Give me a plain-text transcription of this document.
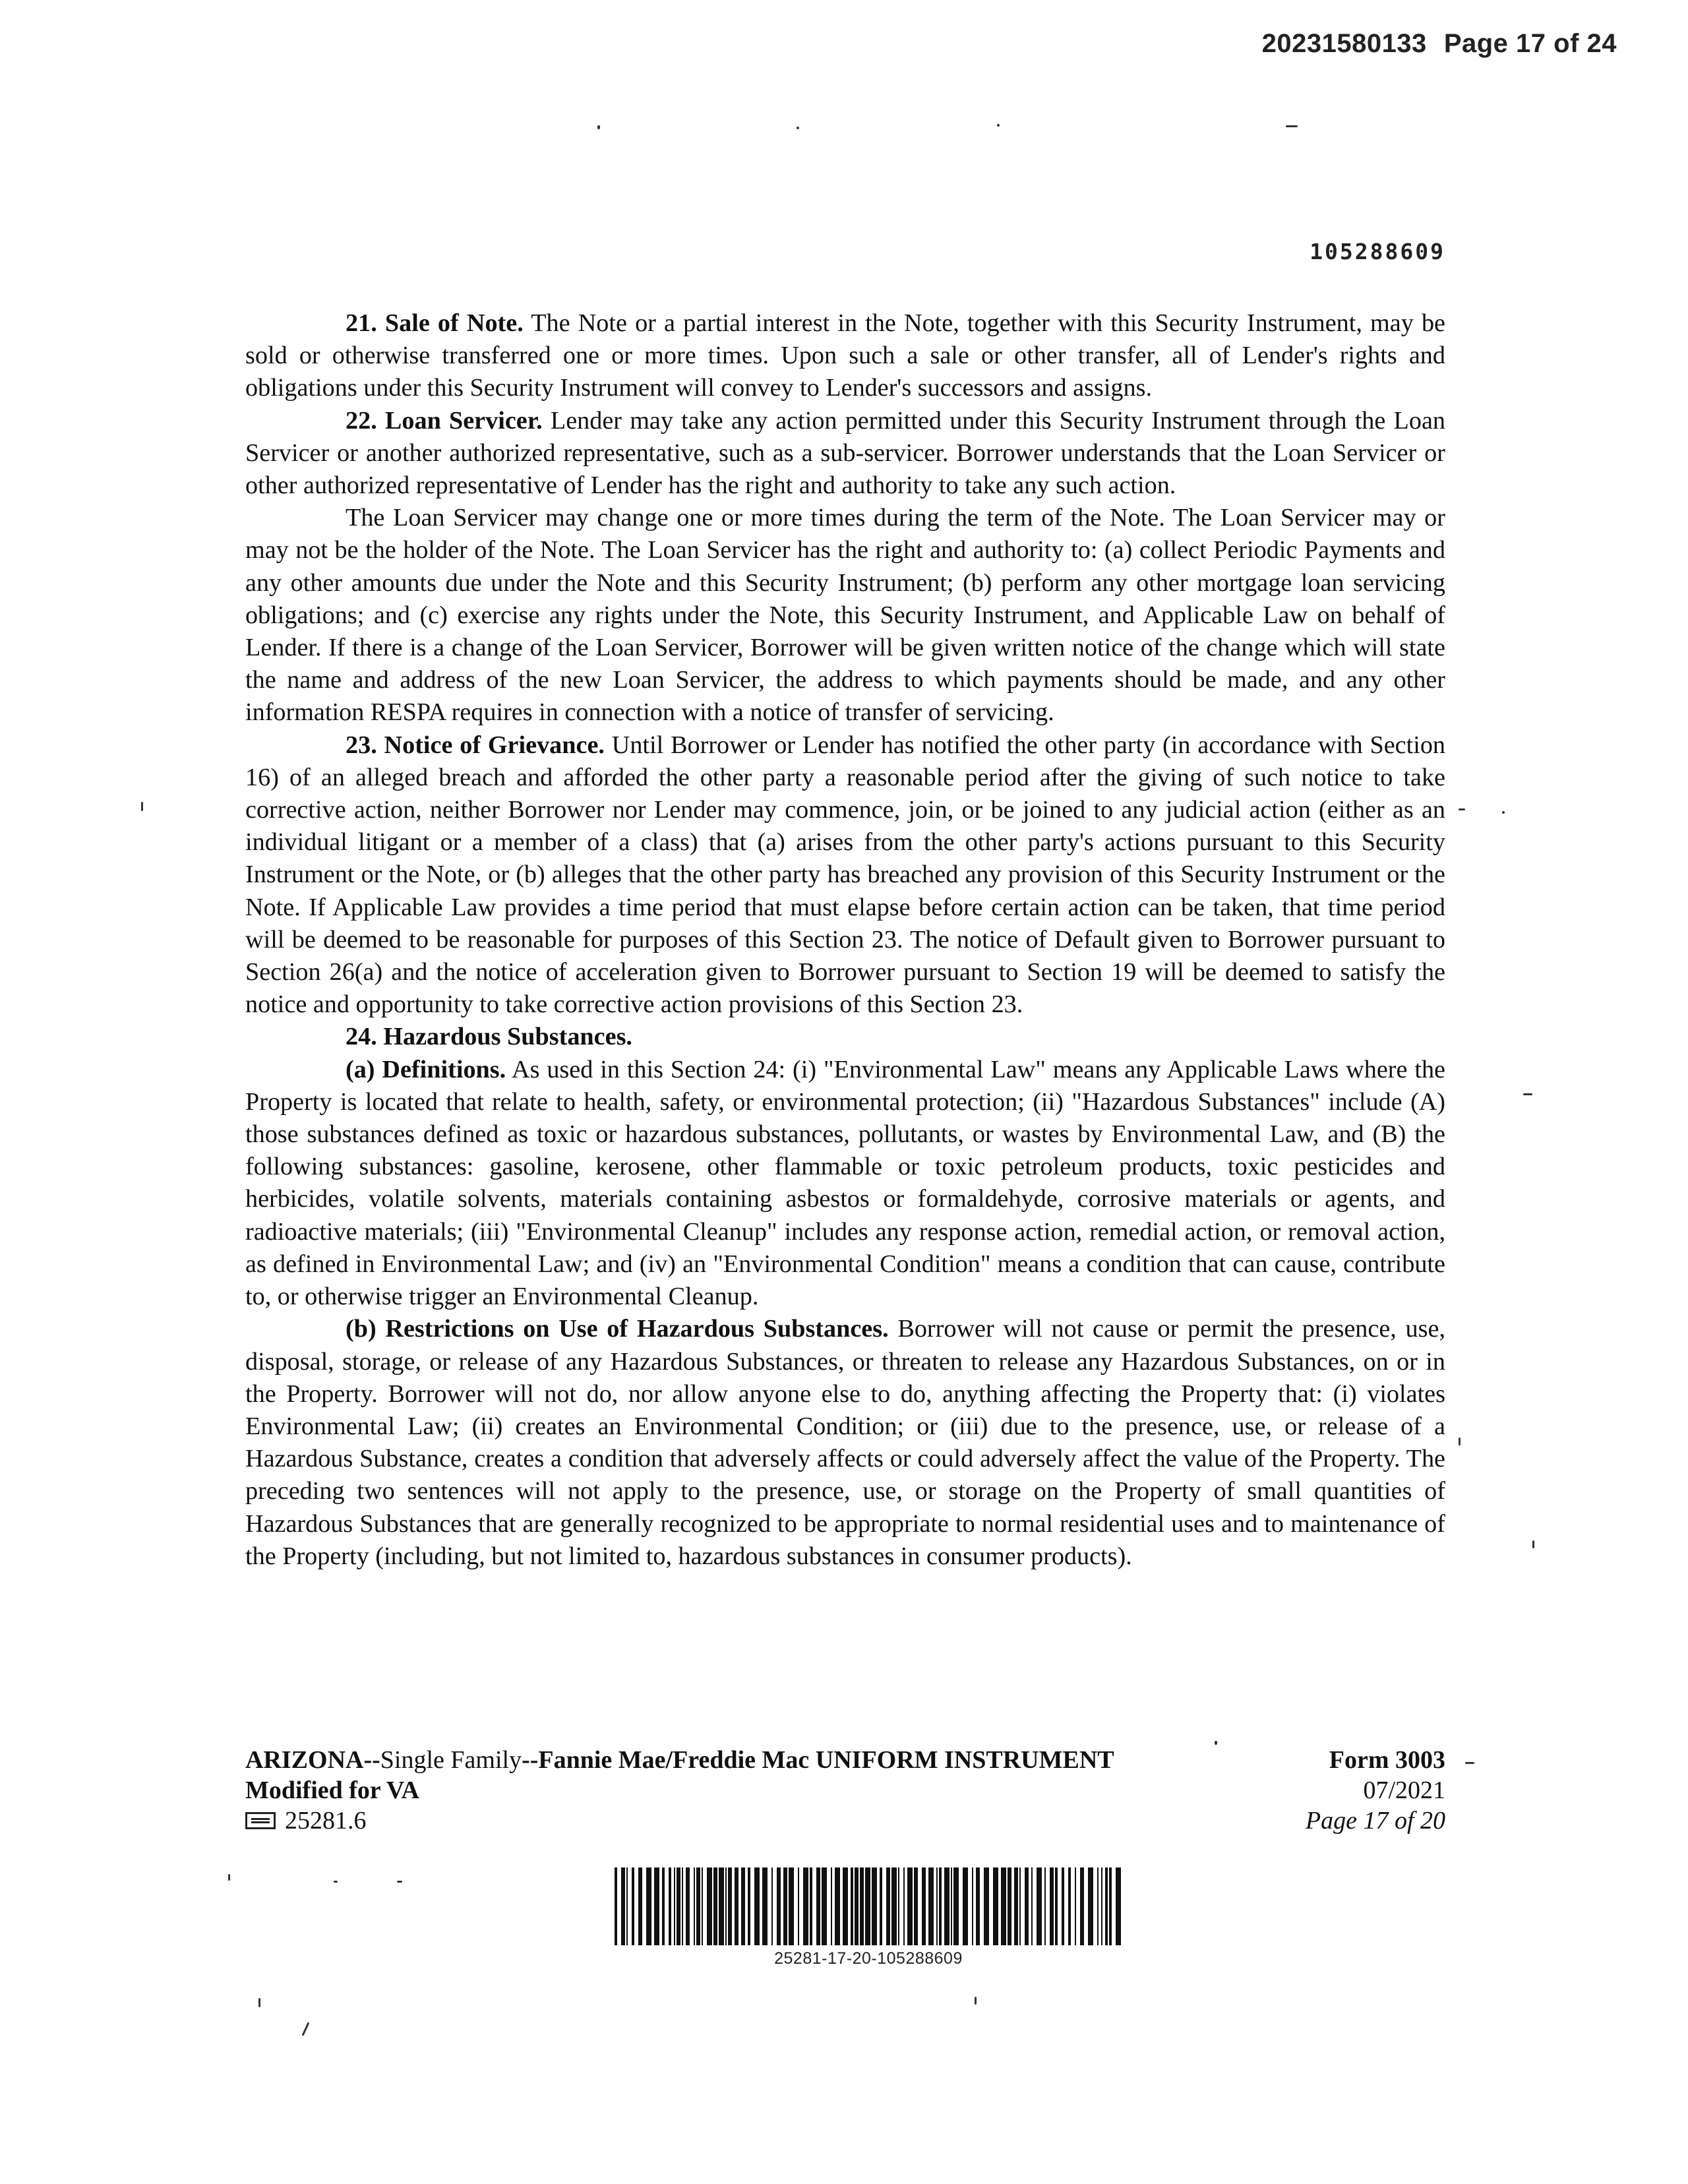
20231580133 Page 17 of 24
105288609

21. Sale of Note. The Note or a partial interest in the Note, together with this Security Instrument, may be sold or otherwise transferred one or more times. Upon such a sale or other transfer, all of Lender's rights and obligations under this Security Instrument will convey to Lender's successors and assigns.

22. Loan Servicer. Lender may take any action permitted under this Security Instrument through the Loan Servicer or another authorized representative, such as a sub-servicer. Borrower understands that the Loan Servicer or other authorized representative of Lender has the right and authority to take any such action.

The Loan Servicer may change one or more times during the term of the Note. The Loan Servicer may or may not be the holder of the Note. The Loan Servicer has the right and authority to: (a) collect Periodic Payments and any other amounts due under the Note and this Security Instrument; (b) perform any other mortgage loan servicing obligations; and (c) exercise any rights under the Note, this Security Instrument, and Applicable Law on behalf of Lender. If there is a change of the Loan Servicer, Borrower will be given written notice of the change which will state the name and address of the new Loan Servicer, the address to which payments should be made, and any other information RESPA requires in connection with a notice of transfer of servicing.

23. Notice of Grievance. Until Borrower or Lender has notified the other party (in accordance with Section 16) of an alleged breach and afforded the other party a reasonable period after the giving of such notice to take corrective action, neither Borrower nor Lender may commence, join, or be joined to any judicial action (either as an individual litigant or a member of a class) that (a) arises from the other party's actions pursuant to this Security Instrument or the Note, or (b) alleges that the other party has breached any provision of this Security Instrument or the Note. If Applicable Law provides a time period that must elapse before certain action can be taken, that time period will be deemed to be reasonable for purposes of this Section 23. The notice of Default given to Borrower pursuant to Section 26(a) and the notice of acceleration given to Borrower pursuant to Section 19 will be deemed to satisfy the notice and opportunity to take corrective action provisions of this Section 23.

24. Hazardous Substances.

(a) Definitions. As used in this Section 24: (i) "Environmental Law" means any Applicable Laws where the Property is located that relate to health, safety, or environmental protection; (ii) "Hazardous Substances" include (A) those substances defined as toxic or hazardous substances, pollutants, or wastes by Environmental Law, and (B) the following substances: gasoline, kerosene, other flammable or toxic petroleum products, toxic pesticides and herbicides, volatile solvents, materials containing asbestos or formaldehyde, corrosive materials or agents, and radioactive materials; (iii) "Environmental Cleanup" includes any response action, remedial action, or removal action, as defined in Environmental Law; and (iv) an "Environmental Condition" means a condition that can cause, contribute to, or otherwise trigger an Environmental Cleanup.

(b) Restrictions on Use of Hazardous Substances. Borrower will not cause or permit the presence, use, disposal, storage, or release of any Hazardous Substances, or threaten to release any Hazardous Substances, on or in the Property. Borrower will not do, nor allow anyone else to do, anything affecting the Property that: (i) violates Environmental Law; (ii) creates an Environmental Condition; or (iii) due to the presence, use, or release of a Hazardous Substance, creates a condition that adversely affects or could adversely affect the value of the Property. The preceding two sentences will not apply to the presence, use, or storage on the Property of small quantities of Hazardous Substances that are generally recognized to be appropriate to normal residential uses and to maintenance of the Property (including, but not limited to, hazardous substances in consumer products).

ARIZONA--Single Family--Fannie Mae/Freddie Mac UNIFORM INSTRUMENT
Modified for VA
25281.6
Form 3003
07/2021
Page 17 of 20
25281-17-20-105288609
